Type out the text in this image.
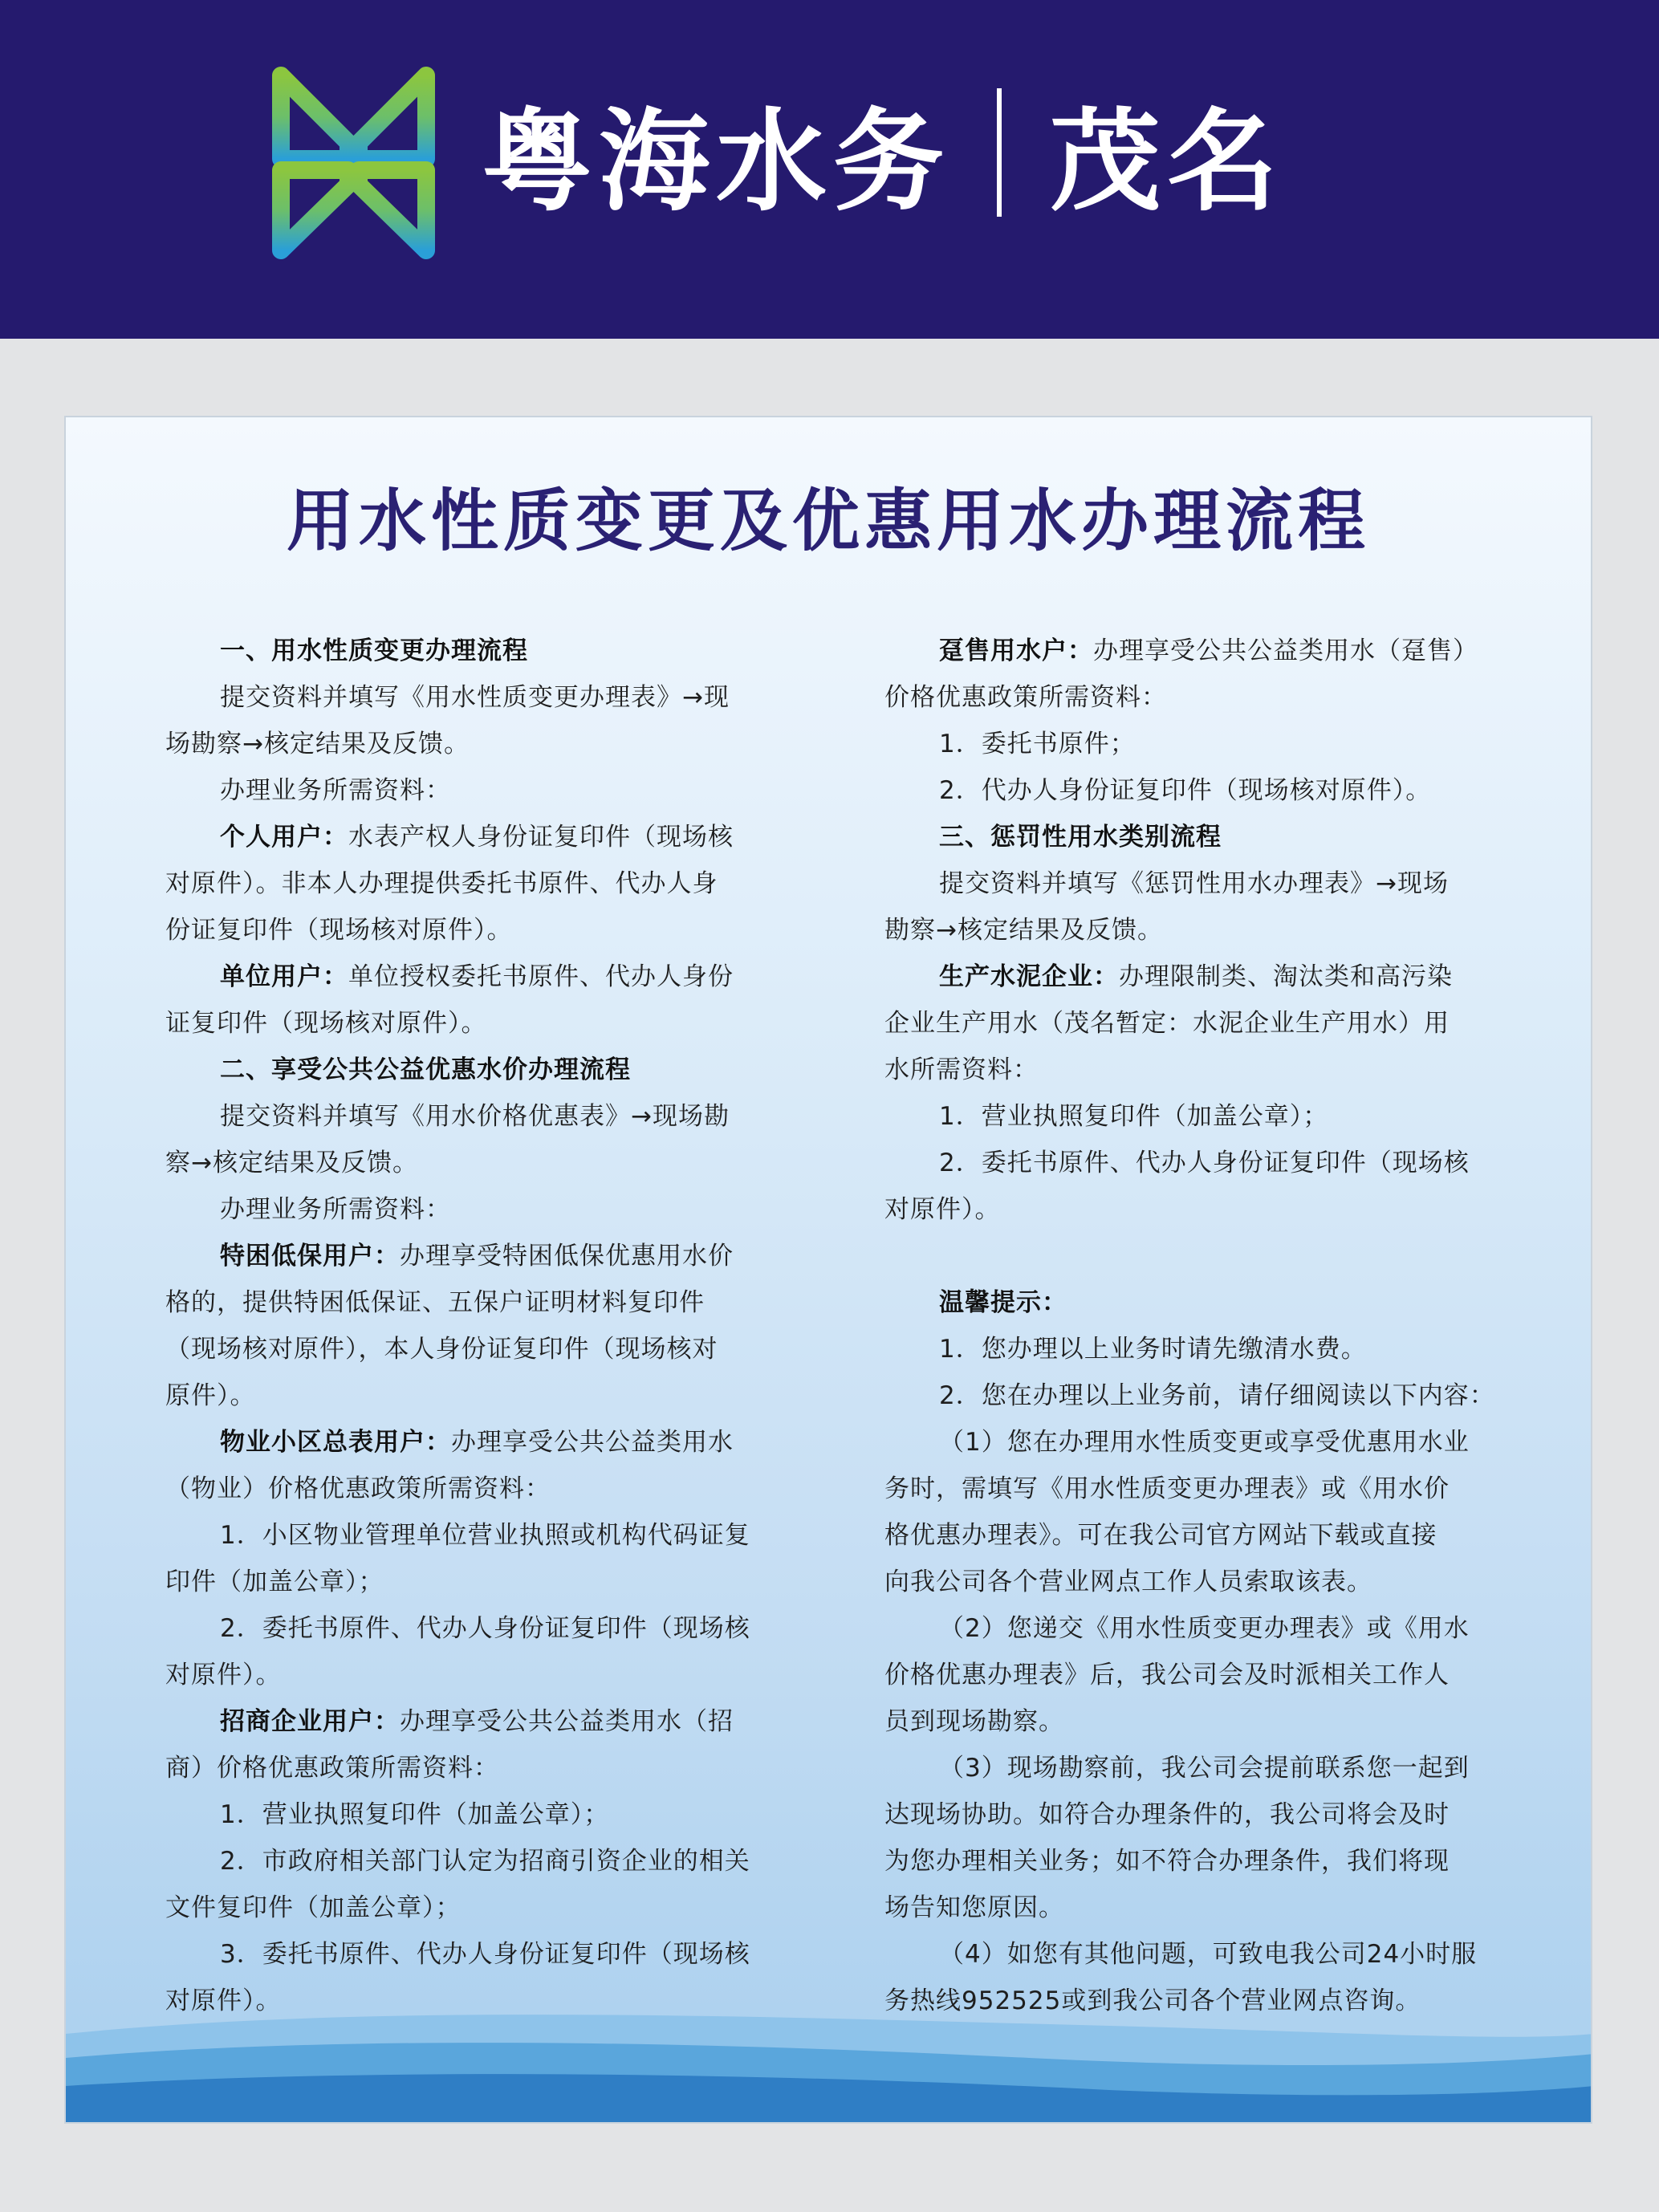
粤海水务 茂名
用水性质变更及优惠用水办理流程
一、用水性质变更办理流程
提交资料并填写《用水性质变更办理表》→现
场勘察→核定结果及反馈。
办理业务所需资料：
个人用户：水表产权人身份证复印件（现场核
对原件）。非本人办理提供委托书原件、代办人身
份证复印件（现场核对原件）。
单位用户：单位授权委托书原件、代办人身份
证复印件（现场核对原件）。
二、享受公共公益优惠水价办理流程
提交资料并填写《用水价格优惠表》→现场勘
察→核定结果及反馈。
办理业务所需资料：
特困低保用户：办理享受特困低保优惠用水价
格的，提供特困低保证、五保户证明材料复印件
（现场核对原件），本人身份证复印件（现场核对
原件）。
物业小区总表用户：办理享受公共公益类用水
（物业）价格优惠政策所需资料：
1．小区物业管理单位营业执照或机构代码证复
印件（加盖公章）；
2．委托书原件、代办人身份证复印件（现场核
对原件）。
招商企业用户：办理享受公共公益类用水（招
商）价格优惠政策所需资料：
1．营业执照复印件（加盖公章）；
2．市政府相关部门认定为招商引资企业的相关
文件复印件（加盖公章）；
3．委托书原件、代办人身份证复印件（现场核
对原件）。
趸售用水户：办理享受公共公益类用水（趸售）
价格优惠政策所需资料：
1．委托书原件；
2．代办人身份证复印件（现场核对原件）。
三、惩罚性用水类别流程
提交资料并填写《惩罚性用水办理表》→现场
勘察→核定结果及反馈。
生产水泥企业：办理限制类、淘汰类和高污染
企业生产用水（茂名暂定：水泥企业生产用水）用
水所需资料：
1．营业执照复印件（加盖公章）；
2．委托书原件、代办人身份证复印件（现场核
对原件）。
温馨提示：
1．您办理以上业务时请先缴清水费。
2．您在办理以上业务前，请仔细阅读以下内容：
（1）您在办理用水性质变更或享受优惠用水业
务时，需填写《用水性质变更办理表》或《用水价
格优惠办理表》。可在我公司官方网站下载或直接
向我公司各个营业网点工作人员索取该表。
（2）您递交《用水性质变更办理表》或《用水
价格优惠办理表》后，我公司会及时派相关工作人
员到现场勘察。
（3）现场勘察前，我公司会提前联系您一起到
达现场协助。如符合办理条件的，我公司将会及时
为您办理相关业务；如不符合办理条件，我们将现
场告知您原因。
（4）如您有其他问题，可致电我公司24小时服
务热线952525或到我公司各个营业网点咨询。
